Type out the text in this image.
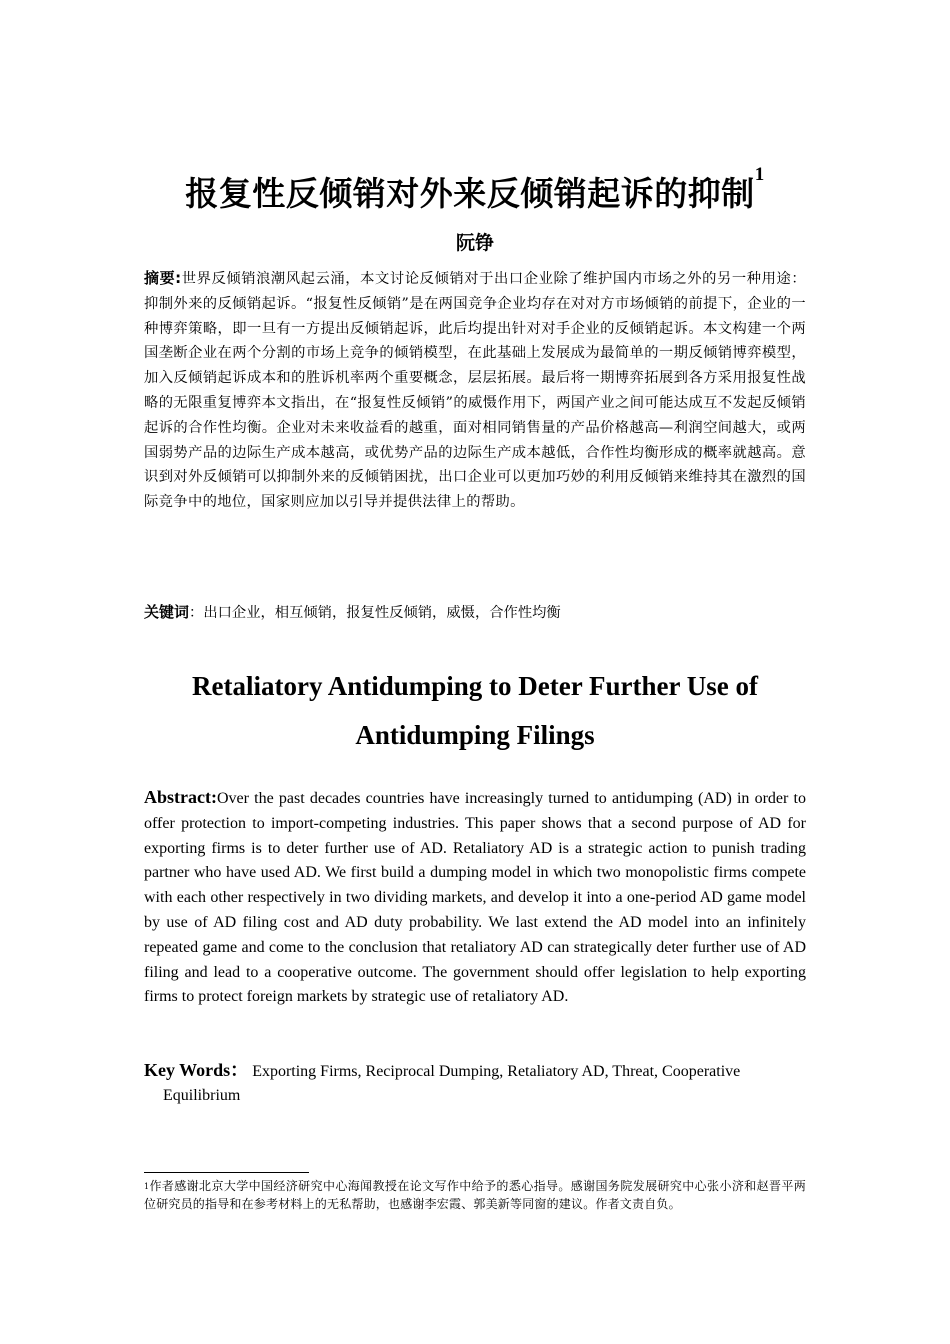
报复性反倾销对外来反倾销起诉的抑制$^1$
阮铮
摘要:世界反倾销浪潮风起云涌，本文讨论反倾销对于出口企业除了维护国内市场之外的另一种用途：抑制外来的反倾销起诉。“报复性反倾销”是在两国竞争企业均存在对对方市场倾销的前提下，企业的一种博弈策略，即一旦有一方提出反倾销起诉，此后均提出针对对手企业的反倾销起诉。本文构建一个两国垄断企业在两个分割的市场上竞争的倾销模型，在此基础上发展成为最简单的一期反倾销博弈模型，加入反倾销起诉成本和的胜诉机率两个重要概念，层层拓展。最后将一期博弈拓展到各方采用报复性战略的无限重复博弈本文指出，在“报复性反倾销”的威慑作用下，两国产业之间可能达成互不发起反倾销起诉的合作性均衡。企业对未来收益看的越重，面对相同销售量的产品价格越高—利润空间越大，或两国弱势产品的边际生产成本越高，或优势产品的边际生产成本越低，合作性均衡形成的概率就越高。意识到对外反倾销可以抑制外来的反倾销困扰，出口企业可以更加巧妙的利用反倾销来维持其在激烈的国际竞争中的地位，国家则应加以引导并提供法律上的帮助。
关键词：出口企业，相互倾销，报复性反倾销，威慑，合作性均衡
Retaliatory Antidumping to Deter Further Use of Antidumping Filings
Abstract:Over the past decades countries have increasingly turned to antidumping (AD) in order to offer protection to import-competing industries. This paper shows that a second purpose of AD for exporting firms is to deter further use of AD. Retaliatory AD is a strategic action to punish trading partner who have used AD. We first build a dumping model in which two monopolistic firms compete with each other respectively in two dividing markets, and develop it into a one-period AD game model by use of AD filing cost and AD duty probability. We last extend the AD model into an infinitely repeated game and come to the conclusion that retaliatory AD can strategically deter further use of AD filing and lead to a cooperative outcome. The government should offer legislation to help exporting firms to protect foreign markets by strategic use of retaliatory AD.
Key Words： Exporting Firms, Reciprocal Dumping, Retaliatory AD, Threat, Cooperative
Equilibrium
$^1$作者感谢北京大学中国经济研究中心海闻教授在论文写作中给予的悉心指导。感谢国务院发展研究中心张小济和赵晋平两位研究员的指导和在参考材料上的无私帮助，也感谢李宏霞、郭美新等同窗的建议。作者文责自负。
